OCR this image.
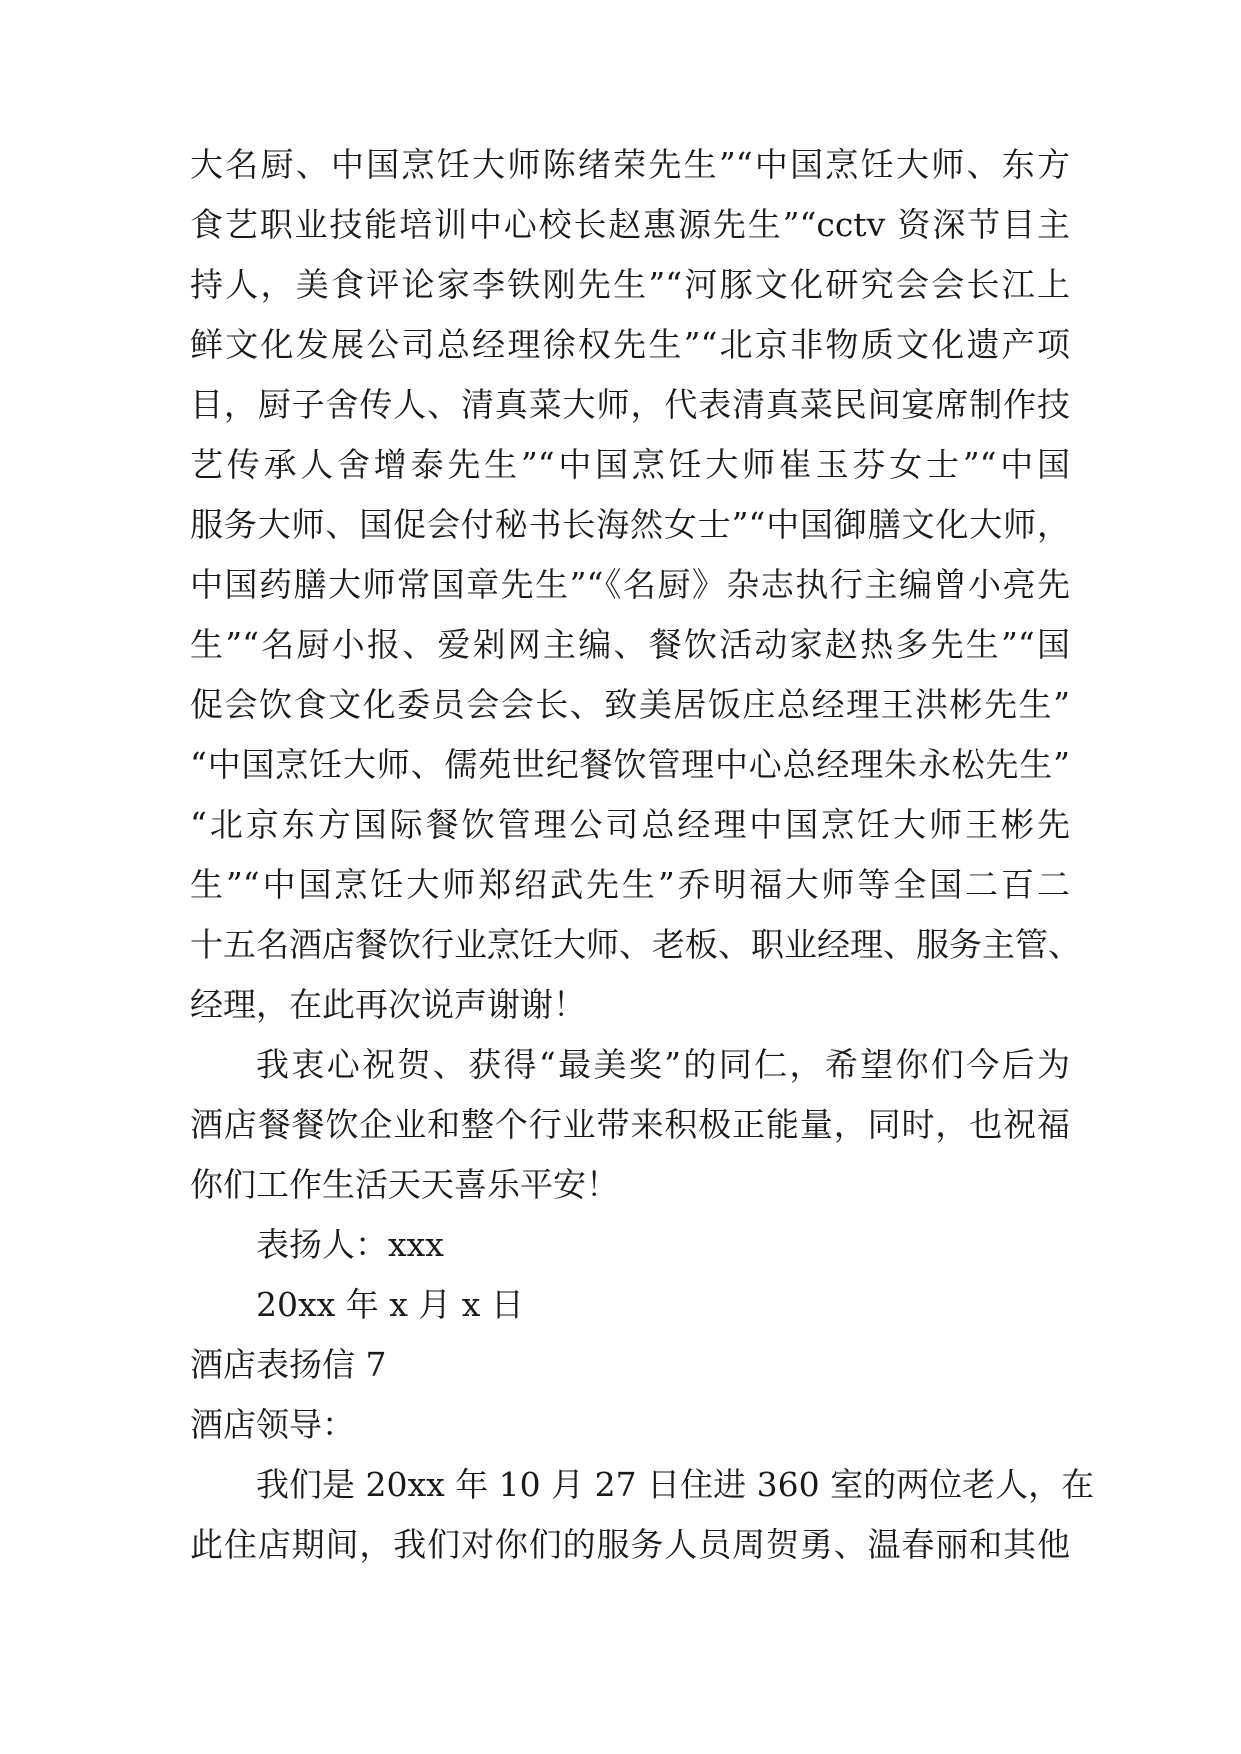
大名厨、中国烹饪大师陈绪荣先生”“中国烹饪大师、东方
食艺职业技能培训中心校长赵惠源先生”“cctv 资深节目主
持人，美食评论家李铁刚先生”“河豚文化研究会会长江上
鲜文化发展公司总经理徐权先生”“北京非物质文化遗产项
目，厨子舍传人、清真菜大师，代表清真菜民间宴席制作技
艺传承人舍增泰先生”“中国烹饪大师崔玉芬女士”“中国
服务大师、国促会付秘书长海然女士”“中国御膳文化大师，
中国药膳大师常国章先生”“《名厨》杂志执行主编曾小亮先
生”“名厨小报、爱剁网主编、餐饮活动家赵热多先生”“国
促会饮食文化委员会会长、致美居饭庄总经理王洪彬先生”
“中国烹饪大师、儒苑世纪餐饮管理中心总经理朱永松先生”
“北京东方国际餐饮管理公司总经理中国烹饪大师王彬先
生”“中国烹饪大师郑绍武先生”乔明福大师等全国二百二
十五名酒店餐饮行业烹饪大师、老板、职业经理、服务主管、
经理，在此再次说声谢谢！
我衷心祝贺、获得“最美奖”的同仁，希望你们今后为
酒店餐餐饮企业和整个行业带来积极正能量，同时，也祝福
你们工作生活天天喜乐平安！
表扬人：xxx
20xx 年 x 月 x 日
酒店表扬信 7
酒店领导：
我们是 20xx 年 10 月 27 日住进 360 室的两位老人，在
此住店期间，我们对你们的服务人员周贺勇、温春丽和其他
